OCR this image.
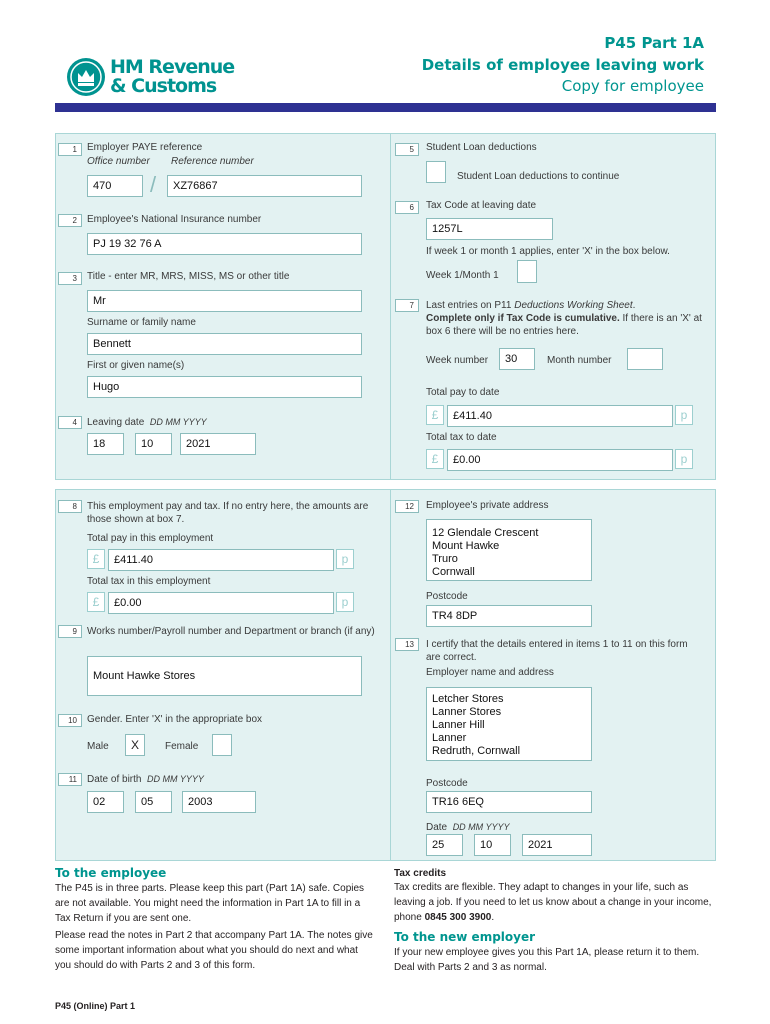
HM Revenue
& Customs
P45 Part 1A
Details of employee leaving work
Copy for employee
1	Employer PAYE reference
Office number Reference number
470	/	XZ76867
2	Employee's National Insurance number
PJ 19 32 76 A
3	Title - enter MR, MRS, MISS, MS or other title
Mr
Surname or family name
Bennett
First or given name(s)
Hugo
4	Leaving date DD MM YYYY
18	10	2021
5	Student Loan deductions
Student Loan deductions to continue
6	Tax Code at leaving date
1257L
If week 1 or month 1 applies, enter 'X' in the box below.
Week 1/Month 1
7	Last entries on P11 Deductions Working Sheet.
Complete only if Tax Code is cumulative. If there is an 'X' at box 6 there will be no entries here.
Week number	30	Month number
Total pay to date
£	£411.40	p
Total tax to date
£	£0.00	p
8	This employment pay and tax. If no entry here, the amounts are those shown at box 7.
Total pay in this employment
£	£411.40	p
Total tax in this employment
£	£0.00	p
9	Works number/Payroll number and Department or branch (if any)
Mount Hawke Stores
10	Gender. Enter 'X' in the appropriate box
Male	X	Female
11	Date of birth DD MM YYYY
02	05	2003
12	Employee's private address
12 Glendale Crescent
Mount Hawke
Truro
Cornwall
Postcode
TR4 8DP
13	I certify that the details entered in items 1 to 11 on this form are correct.
Employer name and address
Letcher Stores
Lanner Stores
Lanner Hill
Lanner
Redruth, Cornwall
Postcode
TR16 6EQ
Date DD MM YYYY
25	10	2021
To the employee
The P45 is in three parts. Please keep this part (Part 1A) safe. Copies are not available. You might need the information in Part 1A to fill in a Tax Return if you are sent one.
Please read the notes in Part 2 that accompany Part 1A. The notes give some important information about what you should do next and what you should do with Parts 2 and 3 of this form.
Tax credits
Tax credits are flexible. They adapt to changes in your life, such as leaving a job. If you need to let us know about a change in your income, phone 0845 300 3900.
To the new employer
If your new employee gives you this Part 1A, please return it to them. Deal with Parts 2 and 3 as normal.
P45 (Online) Part 1
